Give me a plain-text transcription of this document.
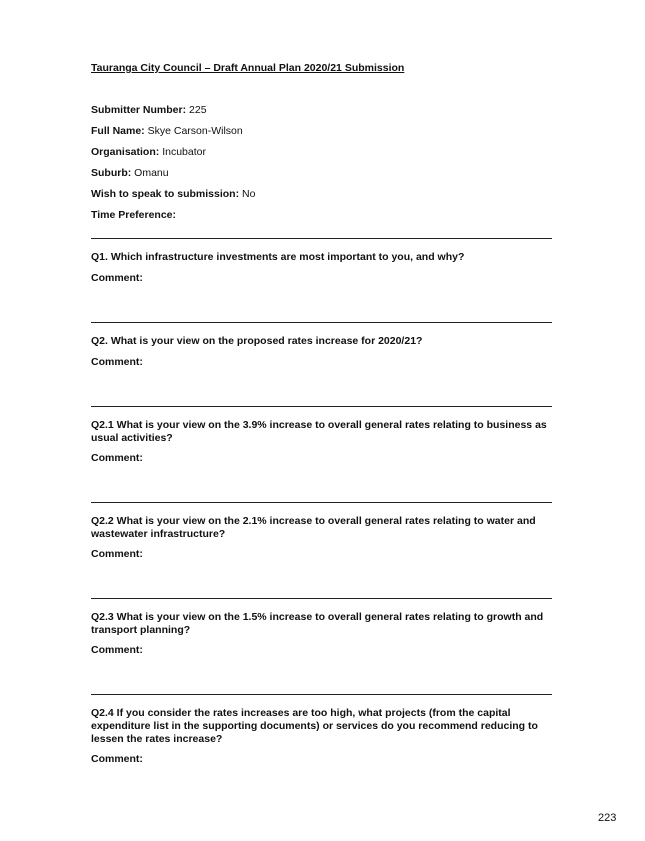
Tauranga City Council – Draft Annual Plan 2020/21 Submission
Submitter Number: 225
Full Name: Skye Carson-Wilson
Organisation: Incubator
Suburb: Omanu
Wish to speak to submission: No
Time Preference:
Q1. Which infrastructure investments are most important to you, and why?
Comment:
Q2. What is your view on the proposed rates increase for 2020/21?
Comment:
Q2.1 What is your view on the 3.9% increase to overall general rates relating to business as usual activities?
Comment:
Q2.2 What is your view on the 2.1% increase to overall general rates relating to water and wastewater infrastructure?
Comment:
Q2.3 What is your view on the 1.5% increase to overall general rates relating to growth and transport planning?
Comment:
Q2.4 If you consider the rates increases are too high, what projects (from the capital expenditure list in the supporting documents) or services do you recommend reducing to lessen the rates increase?
Comment:
223
